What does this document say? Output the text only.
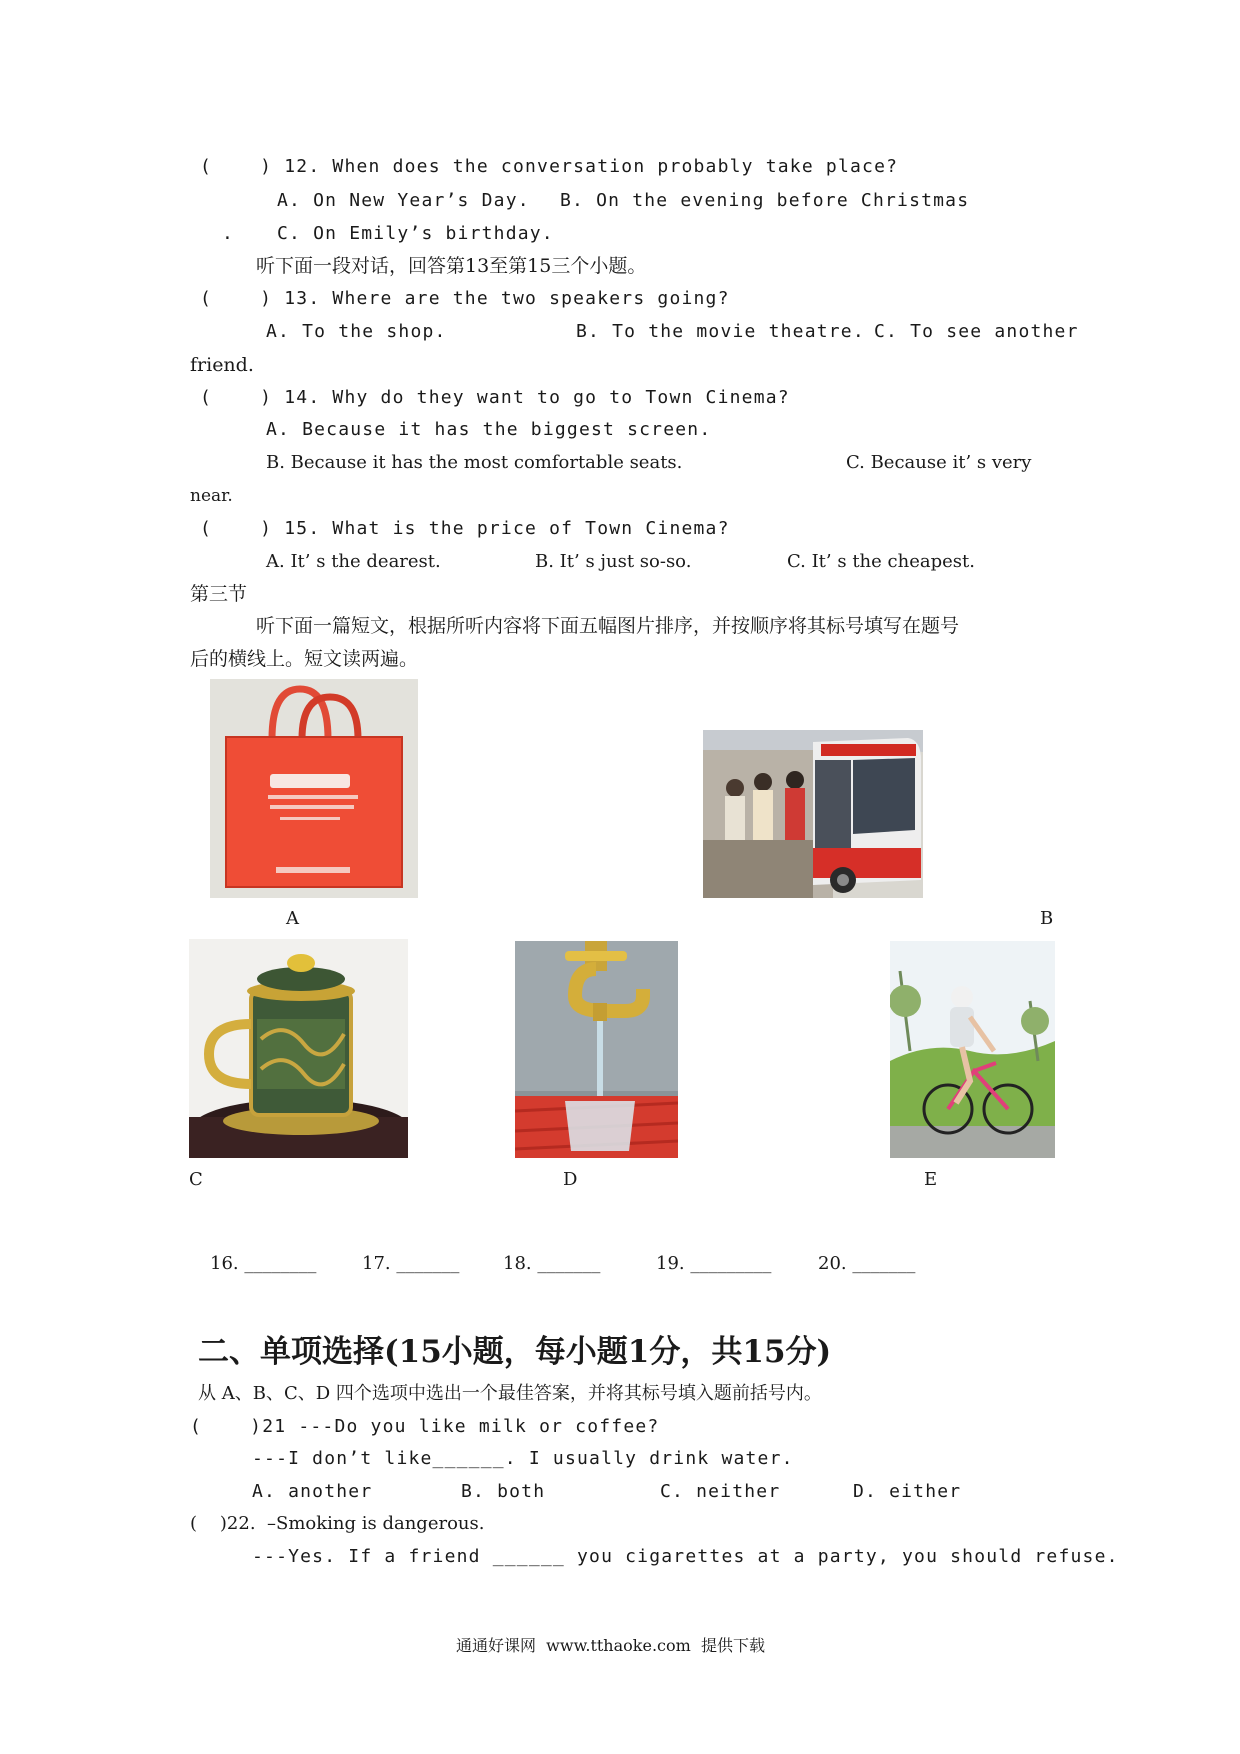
(    ) 12. When does the conversation probably take place?
A. On New Year’s Day. B. On the evening before Christmas
. C. On Emily’s birthday.
听下面一段对话，回答第13至第15三个小题。
(    ) 13. Where are the two speakers going?
A. To the shop.	B. To the movie theatre. C. To see another
friend.
(    ) 14. Why do they want to go to Town Cinema?
A. Because it has the biggest screen.
B. Because it has the most comfortable seats.	C. Because it’ s very
near.
(    ) 15. What is the price of Town Cinema?
A. It’ s the dearest.	B. It’ s just so-so.	C. It’ s the cheapest.
第三节
听下面一篇短文，根据所听内容将下面五幅图片排序，并按顺序将其标号填写在题号
后的横线上。短文读两遍。
A	B
C	D	E
16. ________	17. _______ 18. _______	19. _________	20. _______
二、单项选择(15小题，每小题1分，共15分)
从 A、B、C、D 四个选项中选出一个最佳答案，并将其标号填入题前括号内。
(    )21 ---Do you like milk or coffee?
---I don’t like______. I usually drink water.
A. another	B. both	C. neither	D. either
(    )22.  –Smoking is dangerous.
---Yes. If a friend ______ you cigarettes at a party, you should refuse.
通通好课网  www.tthaoke.com  提供下载
